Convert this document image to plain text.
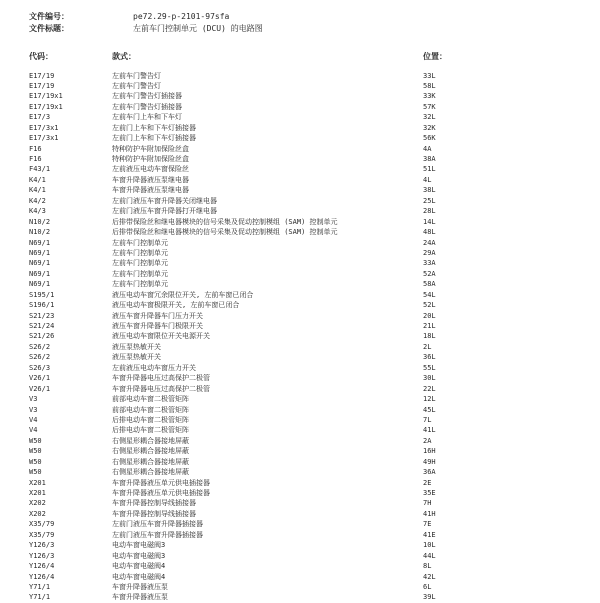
文件编号：	pe72.29-p-2101-97sfa
文件标题：	左前车门控制单元 (DCU) 的电路图
代码：	款式：	位置：
E17/19	左前车门警告灯	33L
E17/19	左前车门警告灯	58L
E17/19x1	左前车门警告灯插接器	33K
E17/19x1	左前车门警告灯插接器	57K
E17/3	左前车门上车和下车灯	32L
E17/3x1	左前门上车和下车灯插接器	32K
E17/3x1	左前门上车和下车灯插接器	56K
F16	特种防护车附加保险丝盒	4A
F16	特种防护车附加保险丝盒	38A
F43/1	左前液压电动车窗保险丝	51L
K4/1	车窗升降器液压泵继电器	4L
K4/1	车窗升降器液压泵继电器	38L
K4/2	左前门液压车窗升降器关闭继电器	25L
K4/3	左前门液压车窗升降器打开继电器	28L
N10/2	后排带保险丝和继电器模块的信号采集及促动控制模组 (SAM) 控制单元	14L
N10/2	后排带保险丝和继电器模块的信号采集及促动控制模组 (SAM) 控制单元	48L
N69/1	左前车门控制单元	24A
N69/1	左前车门控制单元	29A
N69/1	左前车门控制单元	33A
N69/1	左前车门控制单元	52A
N69/1	左前车门控制单元	58A
S195/1	液压电动车窗冗余限位开关, 左前车窗已闭合	54L
S196/1	液压电动车窗极限开关, 左前车窗已闭合	52L
S21/23	液压车窗升降器车门压力开关	20L
S21/24	液压车窗升降器车门极限开关	21L
S21/26	液压电动车窗限位开关电源开关	18L
S26/2	液压泵热敏开关	2L
S26/2	液压泵热敏开关	36L
S26/3	左前液压电动车窗压力开关	55L
V26/1	车窗升降器电压过高保护二极管	30L
V26/1	车窗升降器电压过高保护二极管	22L
V3	前部电动车窗二极管矩阵	12L
V3	前部电动车窗二极管矩阵	45L
V4	后排电动车窗二极管矩阵	7L
V4	后排电动车窗二极管矩阵	41L
W50	右侧星形耦合器接地屏蔽	2A
W50	右侧星形耦合器接地屏蔽	16H
W50	右侧星形耦合器接地屏蔽	49H
W50	右侧星形耦合器接地屏蔽	36A
X201	车窗升降器液压单元供电插接器	2E
X201	车窗升降器液压单元供电插接器	35E
X202	车窗升降器控制导线插接器	7H
X202	车窗升降器控制导线插接器	41H
X35/79	左前门液压车窗升降器插接器	7E
X35/79	左前门液压车窗升降器插接器	41E
Y126/3	电动车窗电磁阀3	10L
Y126/3	电动车窗电磁阀3	44L
Y126/4	电动车窗电磁阀4	8L
Y126/4	电动车窗电磁阀4	42L
Y71/1	车窗升降器液压泵	6L
Y71/1	车窗升降器液压泵	39L
